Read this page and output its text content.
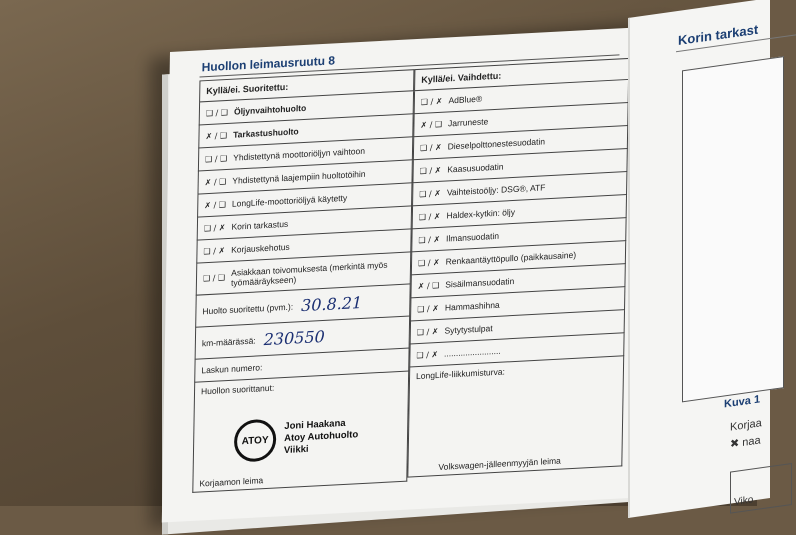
Huollon leimausruutu 8
Kyllä/ei. Suoritettu:
❑ / ❑ Öljynvaihtohuolto
✗ / ❑ Tarkastushuolto
❑ / ❑ Yhdistettynä moottoriöljyn vaihtoon
✗ / ❑ Yhdistettynä laajempiin huoltotöihin
✗ / ❑ LongLife-moottoriöljyä käytetty
❑ / ✗ Korin tarkastus
❑ / ✗ Korjauskehotus
❑ / ❑
Asiakkaan toivomuksesta (merkintä myös työmääräykseen)
Huolto suoritettu (pvm.): 30.8.21
km-määrässä: 230550
Laskun numero:
Huollon suorittanut:
ATOY
Joni Haakana
Atoy Autohuolto
Viikki
Korjaamon leima
Kyllä/ei. Vaihdettu:
❑ / ✗ AdBlue®
✗ / ❑ Jarruneste
❑ / ✗ Dieselpolttonestesuodatin
❑ / ✗ Kaasusuodatin
❑ / ✗ Vaihteistoöljy: DSG®, ATF
❑ / ✗ Haldex-kytkin: öljy
❑ / ✗ Ilmansuodatin
❑ / ✗ Renkaantäyttöpullo (paikkausaine)
✗ / ❑ Sisäilmansuodatin
❑ / ✗ Hammashihna
❑ / ✗ Sytytystulpat
❑ / ✗ ........................
LongLife-liikkumisturva:
Volkswagen-jälleenmyyjän leima
Korin tarkast
Kuva 1
Korjaa
✖ naa
Viko
